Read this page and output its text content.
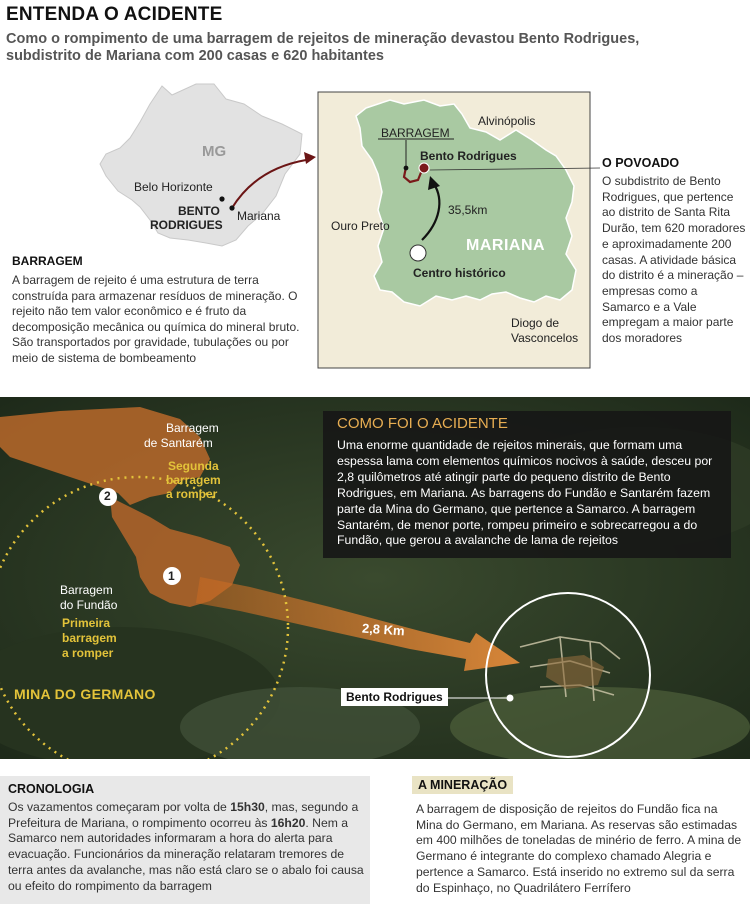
ENTENDA O ACIDENTE
Como o rompimento de uma barragem de rejeitos de mineração devastou Bento Rodrigues, subdistrito de Mariana com 200 casas e 620 habitantes
MG
Belo Horizonte
BENTO
RODRIGUES
Mariana
Alvinópolis
BARRAGEM
Bento Rodrigues
35,5km
Ouro Preto
MARIANA
Centro histórico
Diogo de
Vasconcelos
BARRAGEM
A barragem de rejeito é uma estrutura de terra construída para armazenar resíduos de mineração. O rejeito não tem valor econômico e é fruto da decomposição mecânica ou química do mineral bruto. São transportados por gravidade, tubulações ou por meio de sistema de bombeamento
O POVOADO
O subdistrito de Bento Rodrigues, que pertence ao distrito de Santa Rita Durão, tem 620 moradores e aproximadamente 200 casas. A atividade básica do distrito é a mineração – empresas como a Samarco e a Vale empregam a maior parte dos moradores
Barragem
de Santarém
Segunda
barragem
a romper
2
1
Barragem
do Fundão
Primeira
barragem
a romper
MINA DO GERMANO
2,8 Km
Bento Rodrigues
COMO FOI O ACIDENTE
Uma enorme quantidade de rejeitos minerais, que formam uma espessa lama com elementos químicos nocivos à saúde, desceu por 2,8 quilômetros até atingir parte do pequeno distrito de Bento Rodrigues, em Mariana. As barragens do Fundão e Santarém fazem parte da Mina do Germano, que pertence a Samarco. A barragem Santarém, de menor porte, rompeu primeiro e sobrecarregou a do Fundão, que gerou a avalanche de lama de rejeitos
CRONOLOGIA
Os vazamentos começaram por volta de 15h30, mas, segundo a Prefeitura de Mariana, o rompimento ocorreu às 16h20. Nem a Samarco nem autoridades informaram a hora do alerta para evacuação. Funcionários da mineração relataram tremores de terra antes da avalanche, mas não está claro se o abalo foi causa ou efeito do rompimento da barragem
A MINERAÇÃO
A barragem de disposição de rejeitos do Fundão fica na Mina do Germano, em Mariana. As reservas são estimadas em 400 milhões de toneladas de minério de ferro. A mina de Germano é integrante do complexo chamado Alegria e pertence a Samarco. Está inserido no extremo sul da serra do Espinhaço, no Quadrilátero Ferrífero
